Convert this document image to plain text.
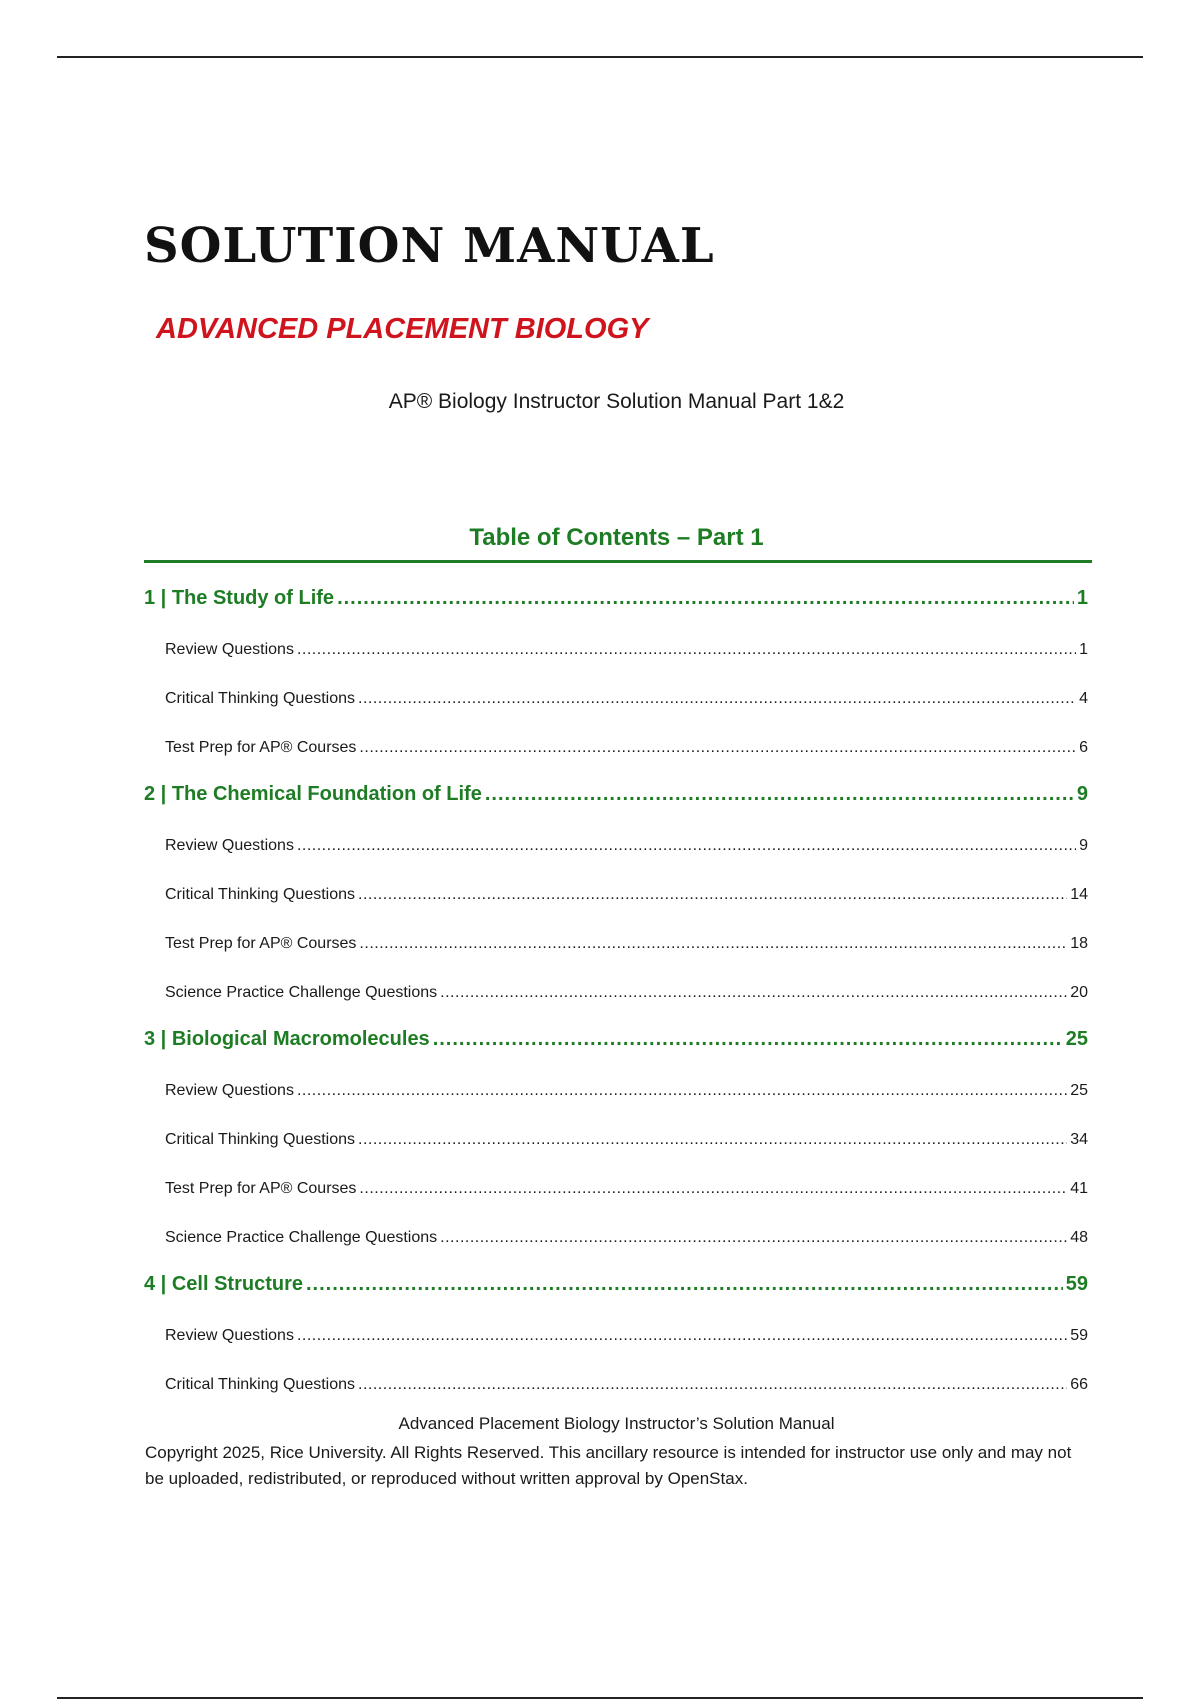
SOLUTION MANUAL
ADVANCED PLACEMENT BIOLOGY
AP® Biology Instructor Solution Manual Part 1&2
Table of Contents – Part 1
1 | The Study of Life .....	1
Review Questions .....	1
Critical Thinking Questions .....	4
Test Prep for AP® Courses .....	6
2 | The Chemical Foundation of Life .....	9
Review Questions .....	9
Critical Thinking Questions .....	14
Test Prep for AP® Courses .....	18
Science Practice Challenge Questions .....	20
3 | Biological Macromolecules .....	25
Review Questions .....	25
Critical Thinking Questions .....	34
Test Prep for AP® Courses .....	41
Science Practice Challenge Questions .....	48
4 | Cell Structure .....	59
Review Questions .....	59
Critical Thinking Questions .....	66
Advanced Placement Biology Instructor’s Solution Manual
Copyright 2025, Rice University. All Rights Reserved. This ancillary resource is intended for instructor use only and may not be uploaded, redistributed, or reproduced without written approval by OpenStax.
